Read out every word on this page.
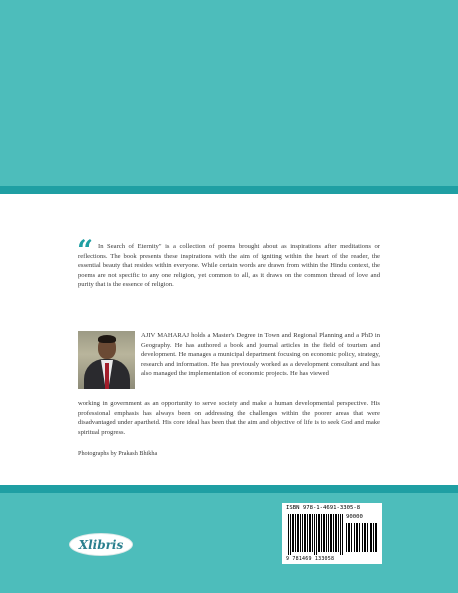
“ In Search of Eternity" is a collection of poems brought about as inspirations after meditations or reflections. The book presents these inspirations with the aim of igniting within the heart of the reader, the essential beauty that resides within everyone. While certain words are drawn from within the Hindu context, the poems are not specific to any one religion, yet common to all, as it draws on the common thread of love and purity that is the essence of religion.

AJIV MAHARAJ holds a Master's Degree in Town and Regional Planning and a PhD in Geography. He has authored a book and journal articles in the field of tourism and development. He manages a municipal department focusing on economic policy, strategy, research and information. He has previously worked as a development consultant and has also managed the implementation of economic projects. He has viewed

working in government as an opportunity to serve society and make a human developmental perspective. His professional emphasis has always been on addressing the challenges within the poorer areas that were disadvantaged under apartheid. His core ideal has been that the aim and objective of life is to seek God and make spiritual progress.

Photographs by Prakash Bhikha

Xlibris
ISBN 978-1-4691-3305-8
90000
9 781469 133058
